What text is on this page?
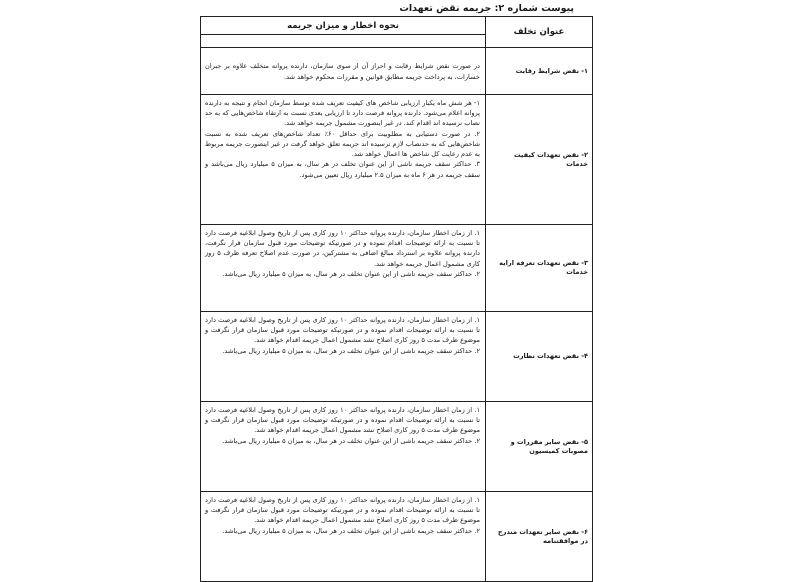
پیوست شماره ۲: جریمه نقض تعهدات
عنوان تخلف	نحوه اخطار و میزان جریمه

۱- نقض شرایط رقابت	در صورت نقض شرایط رقابت و احراز آن از سوی سازمان، دارنده پروانه متخلف علاوه بر جبران خسارات، به پرداخت جریمه مطابق قوانین و مقررات محکوم خواهد شد.

۲- نقض تعهدات کیفیت خدمات	۱- هر شش ماه یکبار ارزیابی شاخص های کیفیت تعریف شده توسط سازمان انجام و نتیجه به دارنده پروانه اعلام می‌شود. دارنده پروانه فرصت دارد تا ارزیابی بعدی نسبت به ارتقاء شاخص‌هایی که به حد نصاب نرسیده اند اقدام کند. در غیر اینصورت مشمول جریمه خواهد شد.

۲. در صورت دستیابی به مطلوبیت برای حداقل ۶۰٪ تعداد شاخص‌های تعریف شده به نسبت شاخص‌هایی که به حدنصاب لازم نرسیده اند جریمه تعلق خواهد گرفت در غیر اینصورت جریمه مربوط به عدم رعایت کل شاخص ها اعمال خواهد شد.

۳. حداکثر سقف جریمه ناشی از این عنوان تخلف در هر سال، به میزان ۵ میلیارد ریال می‌باشد و سقف جریمه در هر ۶ ماه به میزان ۲.۵ میلیارد ریال تعیین می‌شود.

۳- نقض تعهدات تعرفه ارایه خدمات	۱. از زمان اخطار سازمان، دارنده پروانه حداکثر ۱۰ روز کاری پس از تاریخ وصول ابلاغیه فرصت دارد تا نسبت به ارائه توضیحات اقدام نموده و در صورتیکه توضیحات مورد قبول سازمان قرار نگرفت، دارنده پروانه علاوه بر استرداد مبالغ اضافی به مشترکین، در صورت عدم اصلاح تعرفه ظرف ۵ روز کاری مشمول اعمال جریمه خواهد شد.

۲. حداکثر سقف جریمه ناشی از این عنوان تخلف در هر سال، به میزان ۵ میلیارد ریال می‌باشد.

۴- نقض تعهدات نظارت	۱. از زمان اخطار سازمان، دارنده پروانه حداکثر ۱۰ روز کاری پس از تاریخ وصول ابلاغیه فرصت دارد تا نسبت به ارائه توضیحات اقدام نموده و در صورتیکه توضیحات مورد قبول سازمان قرار نگرفت و موضوع ظرف مدت ۵ روز کاری اصلاح نشد مشمول اعمال جریمه اقدام خواهد شد.

۲. حداکثر سقف جریمه ناشی از این عنوان تخلف در هر سال، به میزان ۵ میلیارد ریال می‌باشد.

۵- نقض سایر مقررات و مصوبات کمیسیون	۱. از زمان اخطار سازمان، دارنده پروانه حداکثر ۱۰ روز کاری پس از تاریخ وصول ابلاغیه فرصت دارد تا نسبت به ارائه توضیحات اقدام نموده و در صورتیکه توضیحات مورد قبول سازمان قرار نگرفت و موضوع ظرف مدت ۵ روز کاری اصلاح نشد مشمول اعمال جریمه اقدام خواهد شد.

۲. حداکثر سقف جریمه ناشی از این عنوان تخلف در هر سال، به میزان ۵ میلیارد ریال می‌باشد.

۶- نقض سایر تعهدات مندرج در موافقتنامه	۱. از زمان اخطار سازمان، دارنده پروانه حداکثر ۱۰ روز کاری پس از تاریخ وصول ابلاغیه فرصت دارد تا نسبت به ارائه توضیحات اقدام نموده و در صورتیکه توضیحات مورد قبول سازمان قرار نگرفت و موضوع ظرف مدت ۵ روز کاری اصلاح نشد مشمول اعمال جریمه اقدام خواهد شد.

۲. حداکثر سقف جریمه ناشی از این عنوان تخلف در هر سال، به میزان ۵ میلیارد ریال می‌باشد.
